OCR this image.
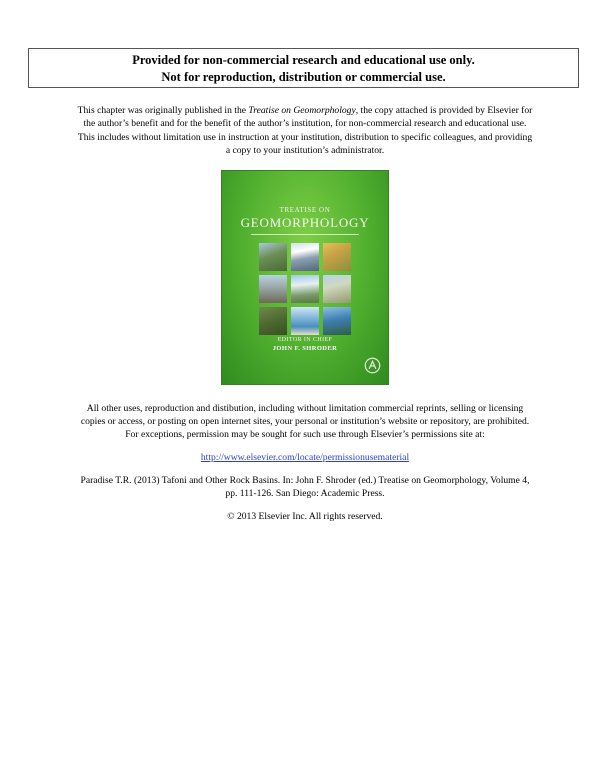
Provided for non-commercial research and educational use only.
Not for reproduction, distribution or commercial use.
This chapter was originally published in the Treatise on Geomorphology, the copy attached is provided by Elsevier for
the author’s benefit and for the benefit of the author’s institution, for non-commercial research and educational use.
This includes without limitation use in instruction at your institution, distribution to specific colleagues, and providing
a copy to your institution’s administrator.
TREATISE ON
GEOMORPHOLOGY
EDITOR IN CHIEF
JOHN F. SHRODER
All other uses, reproduction and distibution, including without limitation commercial reprints, selling or licensing
copies or access, or posting on open internet sites, your personal or institution’s website or repository, are prohibited.
For exceptions, permission may be sought for such use through Elsevier’s permissions site at:
http://www.elsevier.com/locate/permissionusematerial
Paradise T.R. (2013) Tafoni and Other Rock Basins. In: John F. Shroder (ed.) Treatise on Geomorphology, Volume 4,
pp. 111-126. San Diego: Academic Press.
© 2013 Elsevier Inc. All rights reserved.
